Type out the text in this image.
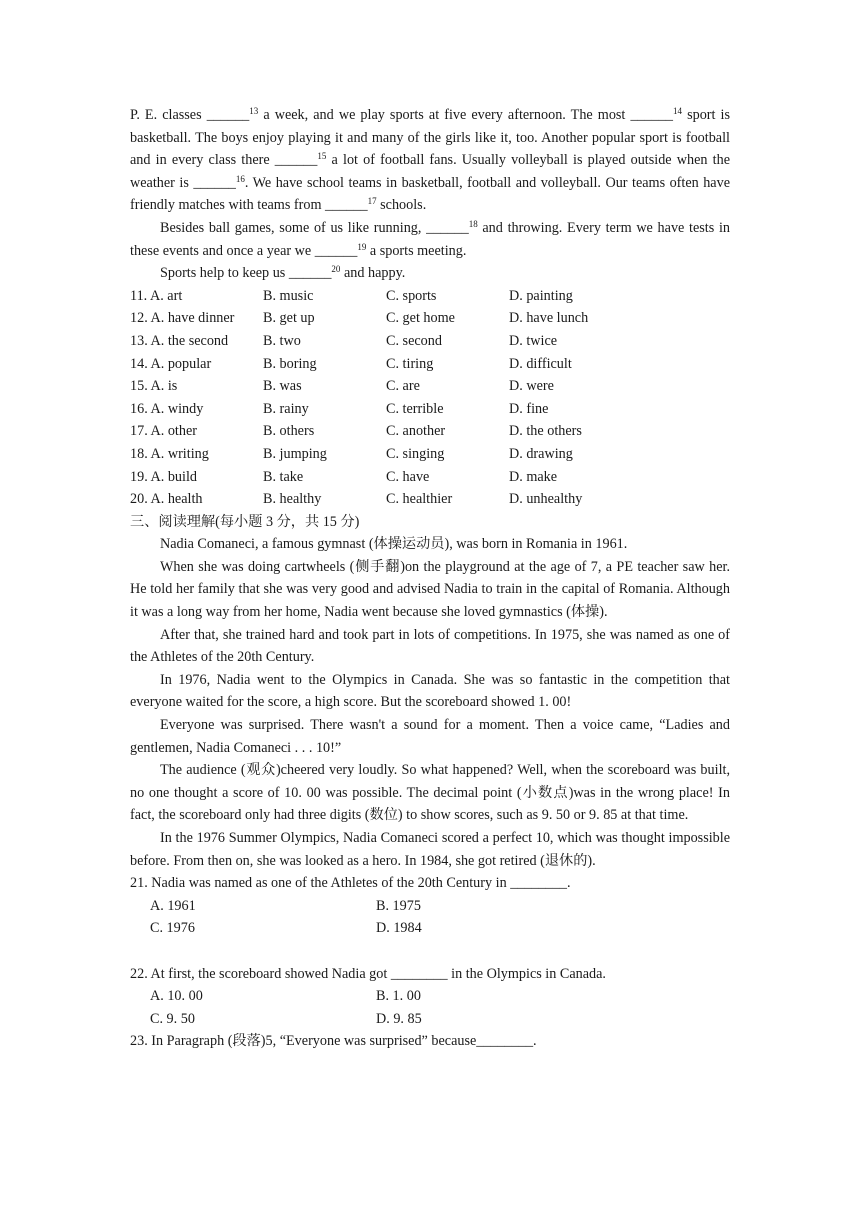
P. E. classes ______$^{13}$ a week, and we play sports at five every afternoon. The most ______$^{14}$ sport is basketball. The boys enjoy playing it and many of the girls like it, too. Another popular sport is football and in every class there ______$^{15}$ a lot of football fans. Usually volleyball is played outside when the weather is ______$^{16}$. We have school teams in basketball, football and volleyball. Our teams often have friendly matches with teams from ______$^{17}$ schools.

Besides ball games, some of us like running, ______$^{18}$ and throwing. Every term we have tests in these events and once a year we ______$^{19}$ a sports meeting.

Sports help to keep us ______$^{20}$ and happy.

11. A. art	B. music	C. sports	D. painting
12. A. have dinner	B. get up	C. get home	D. have lunch
13. A. the second	B. two	C. second	D. twice
14. A. popular	B. boring	C. tiring	D. difficult
15. A. is	B. was	C. are	D. were
16. A. windy	B. rainy	C. terrible	D. fine
17. A. other	B. others	C. another	D. the others
18. A. writing	B. jumping	C. singing	D. drawing
19. A. build	B. take	C. have	D. make
20. A. health	B. healthy	C. healthier	D. unhealthy

三、阅读理解(每小题 3 分，共 15 分)

Nadia Comaneci, a famous gymnast (体操运动员), was born in Romania in 1961.

When she was doing cartwheels (侧手翻)on the playground at the age of 7, a PE teacher saw her. He told her family that she was very good and advised Nadia to train in the capital of Romania. Although it was a long way from her home, Nadia went because she loved gymnastics (体操).

After that, she trained hard and took part in lots of competitions. In 1975, she was named as one of the Athletes of the 20th Century.

In 1976, Nadia went to the Olympics in Canada. She was so fantastic in the competition that everyone waited for the score, a high score. But the scoreboard showed 1. 00!

Everyone was surprised. There wasn't a sound for a moment. Then a voice came, “Ladies and gentlemen, Nadia Comaneci . . . 10!”

The audience (观众)cheered very loudly. So what happened? Well, when the scoreboard was built, no one thought a score of 10. 00 was possible. The decimal point (小数点)was in the wrong place! In fact, the scoreboard only had three digits (数位) to show scores, such as 9. 50 or 9. 85 at that time.

In the 1976 Summer Olympics, Nadia Comaneci scored a perfect 10, which was thought impossible before. From then on, she was looked as a hero. In 1984, she got retired (退休的).

21. Nadia was named as one of the Athletes of the 20th Century in ________.

A. 1961	B. 1975
C. 1976	D. 1984

22. At first, the scoreboard showed Nadia got ________ in the Olympics in Canada.

A. 10. 00	B. 1. 00
C. 9. 50	D. 9. 85

23. In Paragraph (段落)5, “Everyone was surprised” because________.
